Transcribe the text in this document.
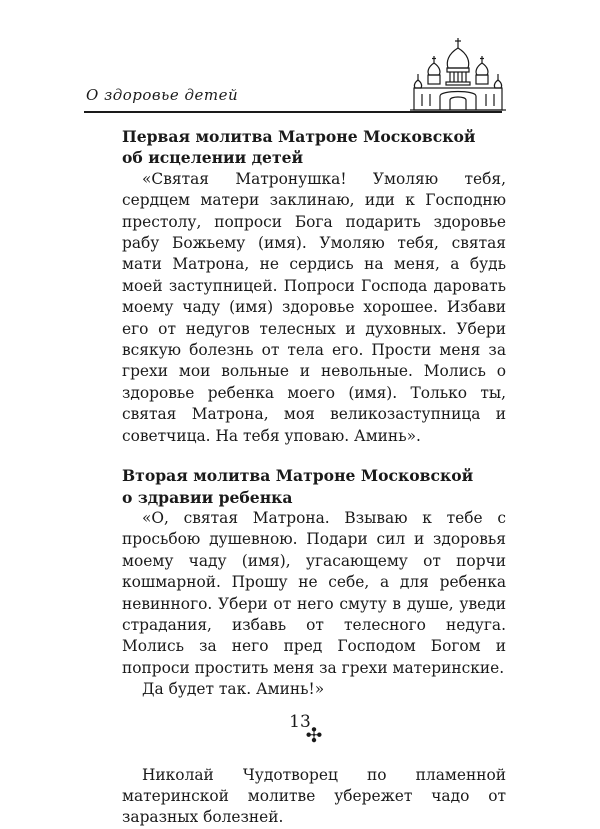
О здоровье детей
Первая молитва Матроне Московской
об исцелении детей

«Святая Матронушка! Умоляю тебя, сердцем матери заклинаю, иди к Господню престолу, попроси Бога подарить здоровье рабу Божьему (имя). Умоляю тебя, святая мати Матрона, не сердись на меня, а будь моей заступницей. Попроси Господа даровать моему чаду (имя) здоровье хорошее. Избави его от недугов телесных и духовных. Убери всякую болезнь от тела его. Прости меня за грехи мои вольные и невольные. Молись о здоровье ребенка моего (имя). Только ты, святая Матрона, моя великозаступница и советчица. На тебя уповаю. Аминь».

Вторая молитва Матроне Московской
о здравии ребенка

«О, святая Матрона. Взываю к тебе с просьбою душевною. Подари сил и здоровья моему чаду (имя), угасающему от порчи кошмарной. Прошу не себе, а для ребенка невинного. Убери от него смуту в душе, уведи страдания, избавь от телесного недуга. Молись за него пред Господом Богом и попроси простить меня за грехи материнские.

Да будет так. Аминь!»

✣

Николай Чудотворец по пламенной материнской молитве убережет чадо от заразных болезней.

13
